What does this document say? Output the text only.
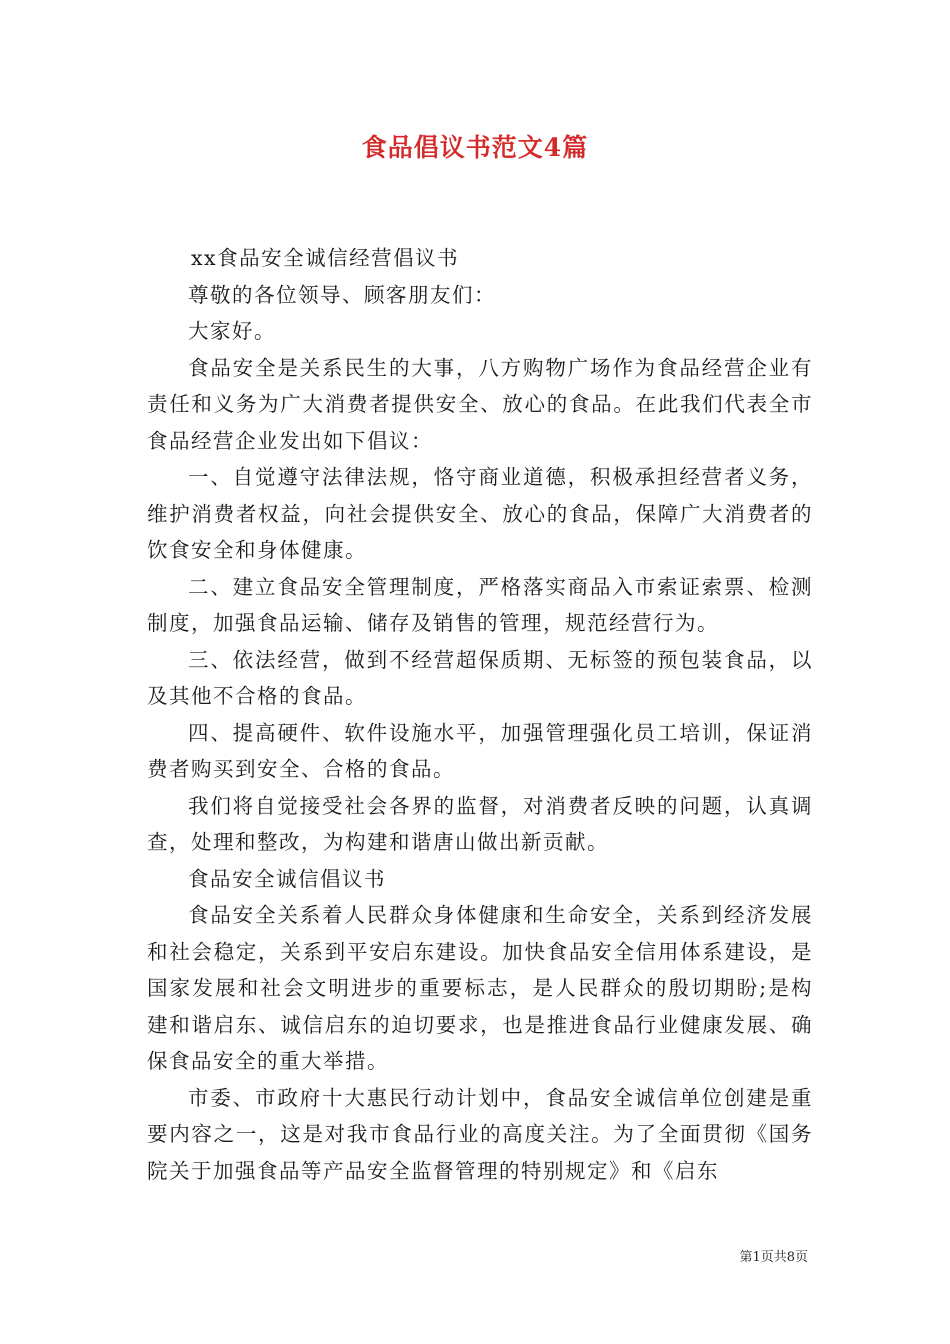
食品倡议书范文4篇

xx食品安全诚信经营倡议书

尊敬的各位领导、顾客朋友们：

大家好。

食品安全是关系民生的大事，八方购物广场作为食品经营企业有责任和义务为广大消费者提供安全、放心的食品。在此我们代表全市食品经营企业发出如下倡议：

一、自觉遵守法律法规，恪守商业道德，积极承担经营者义务，维护消费者权益，向社会提供安全、放心的食品，保障广大消费者的饮食安全和身体健康。

二、建立食品安全管理制度，严格落实商品入市索证索票、检测制度，加强食品运输、储存及销售的管理，规范经营行为。

三、依法经营，做到不经营超保质期、无标签的预包装食品，以及其他不合格的食品。

四、提高硬件、软件设施水平，加强管理强化员工培训，保证消费者购买到安全、合格的食品。

我们将自觉接受社会各界的监督，对消费者反映的问题，认真调查，处理和整改，为构建和谐唐山做出新贡献。

食品安全诚信倡议书

食品安全关系着人民群众身体健康和生命安全，关系到经济发展和社会稳定，关系到平安启东建设。加快食品安全信用体系建设，是国家发展和社会文明进步的重要标志，是人民群众的殷切期盼;是构建和谐启东、诚信启东的迫切要求，也是推进食品行业健康发展、确保食品安全的重大举措。

市委、市政府十大惠民行动计划中，食品安全诚信单位创建是重要内容之一，这是对我市食品行业的高度关注。为了全面贯彻《国务院关于加强食品等产品安全监督管理的特别规定》和《启东

第1页共8页
